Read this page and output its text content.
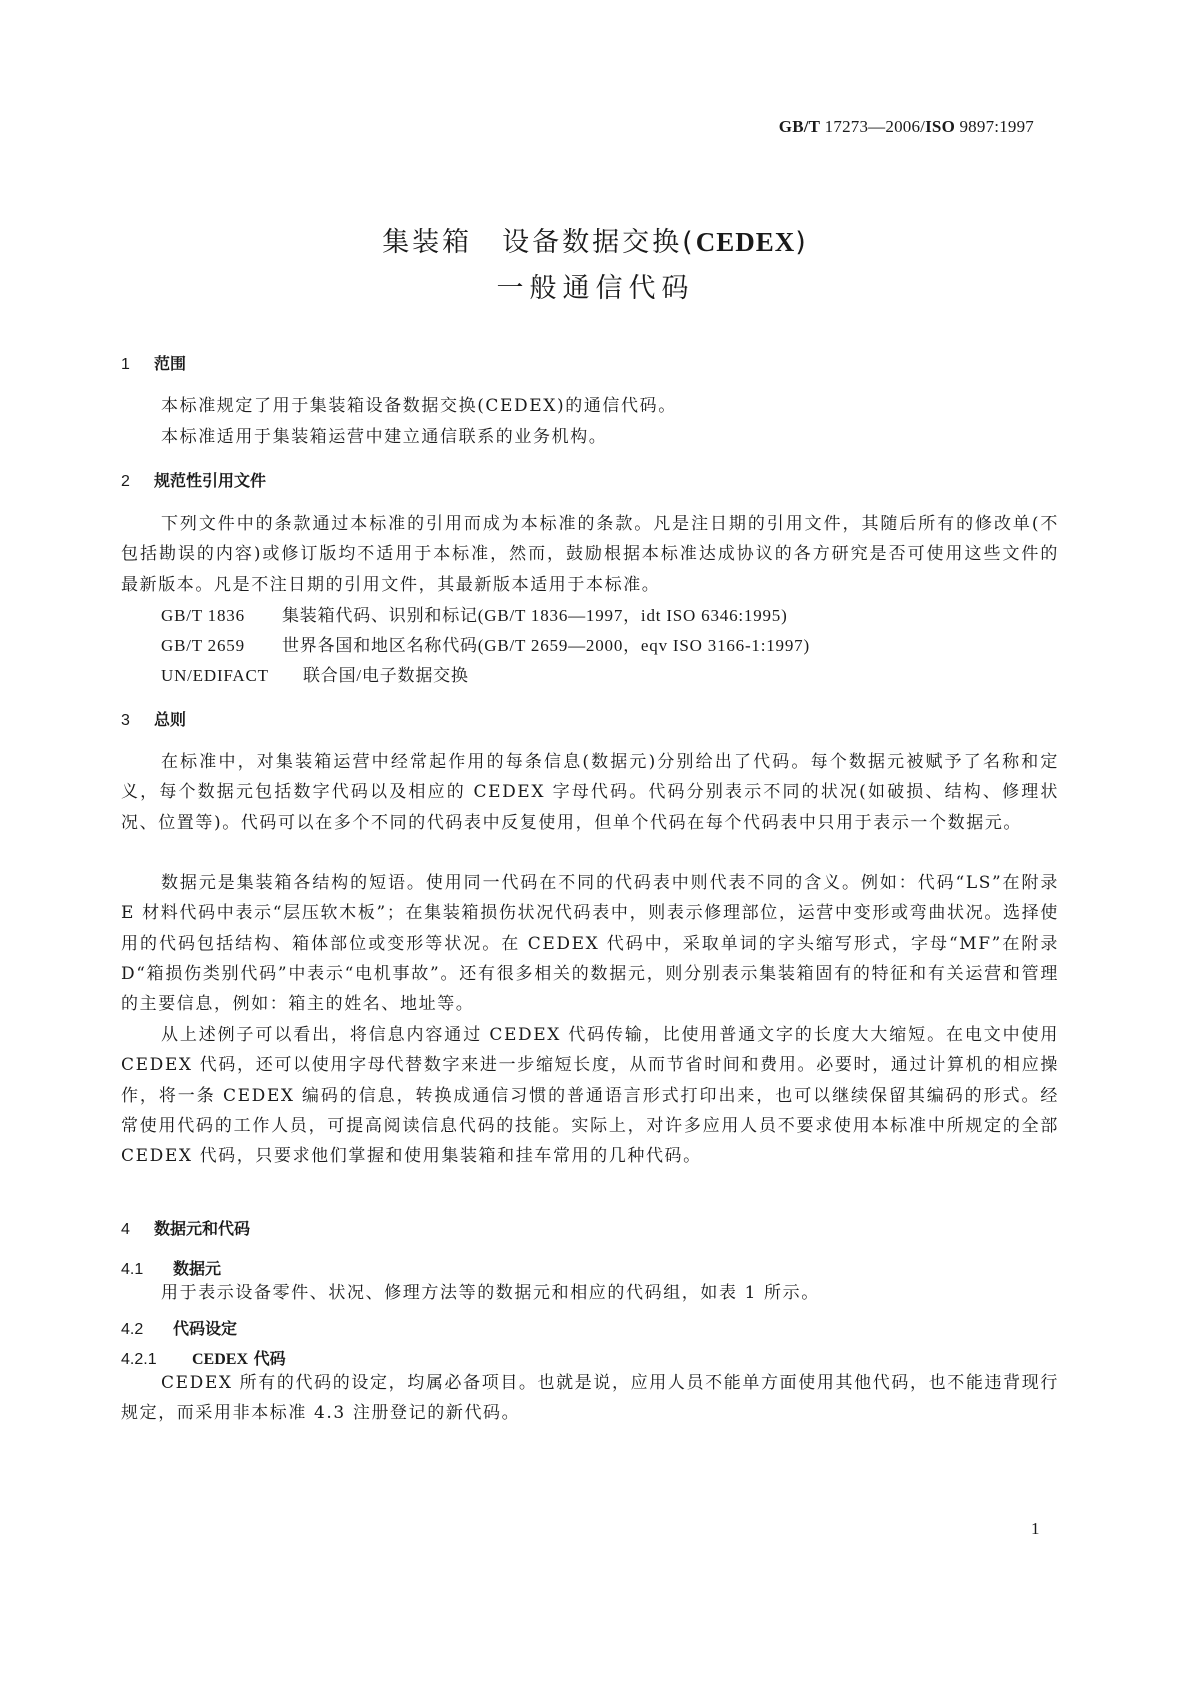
GB/T 17273—2006/ISO 9897:1997
集装箱　设备数据交换(CEDEX)
一般通信代码
1 范围
本标准规定了用于集装箱设备数据交换(CEDEX)的通信代码。
本标准适用于集装箱运营中建立通信联系的业务机构。
2 规范性引用文件
下列文件中的条款通过本标准的引用而成为本标准的条款。凡是注日期的引用文件，其随后所有的修改单(不包括勘误的内容)或修订版均不适用于本标准，然而，鼓励根据本标准达成协议的各方研究是否可使用这些文件的最新版本。凡是不注日期的引用文件，其最新版本适用于本标准。
GB/T 1836 集装箱代码、识别和标记(GB/T 1836—1997，idt ISO 6346:1995)
GB/T 2659 世界各国和地区名称代码(GB/T 2659—2000，eqv ISO 3166-1:1997)
UN/EDIFACT 联合国/电子数据交换
3 总则
在标准中，对集装箱运营中经常起作用的每条信息(数据元)分别给出了代码。每个数据元被赋予了名称和定义，每个数据元包括数字代码以及相应的 CEDEX 字母代码。代码分别表示不同的状况(如破损、结构、修理状况、位置等)。代码可以在多个不同的代码表中反复使用，但单个代码在每个代码表中只用于表示一个数据元。
数据元是集装箱各结构的短语。使用同一代码在不同的代码表中则代表不同的含义。例如：代码“LS”在附录 E 材料代码中表示“层压软木板”；在集装箱损伤状况代码表中，则表示修理部位，运营中变形或弯曲状况。选择使用的代码包括结构、箱体部位或变形等状况。在 CEDEX 代码中，采取单词的字头缩写形式，字母“MF”在附录 D“箱损伤类别代码”中表示“电机事故”。还有很多相关的数据元，则分别表示集装箱固有的特征和有关运营和管理的主要信息，例如：箱主的姓名、地址等。
从上述例子可以看出，将信息内容通过 CEDEX 代码传输，比使用普通文字的长度大大缩短。在电文中使用 CEDEX 代码，还可以使用字母代替数字来进一步缩短长度，从而节省时间和费用。必要时，通过计算机的相应操作，将一条 CEDEX 编码的信息，转换成通信习惯的普通语言形式打印出来，也可以继续保留其编码的形式。经常使用代码的工作人员，可提高阅读信息代码的技能。实际上，对许多应用人员不要求使用本标准中所规定的全部 CEDEX 代码，只要求他们掌握和使用集装箱和挂车常用的几种代码。
4 数据元和代码
4.1 数据元
用于表示设备零件、状况、修理方法等的数据元和相应的代码组，如表 1 所示。
4.2 代码设定
4.2.1 CEDEX 代码
CEDEX 所有的代码的设定，均属必备项目。也就是说，应用人员不能单方面使用其他代码，也不能违背现行规定，而采用非本标准 4.3 注册登记的新代码。
1
